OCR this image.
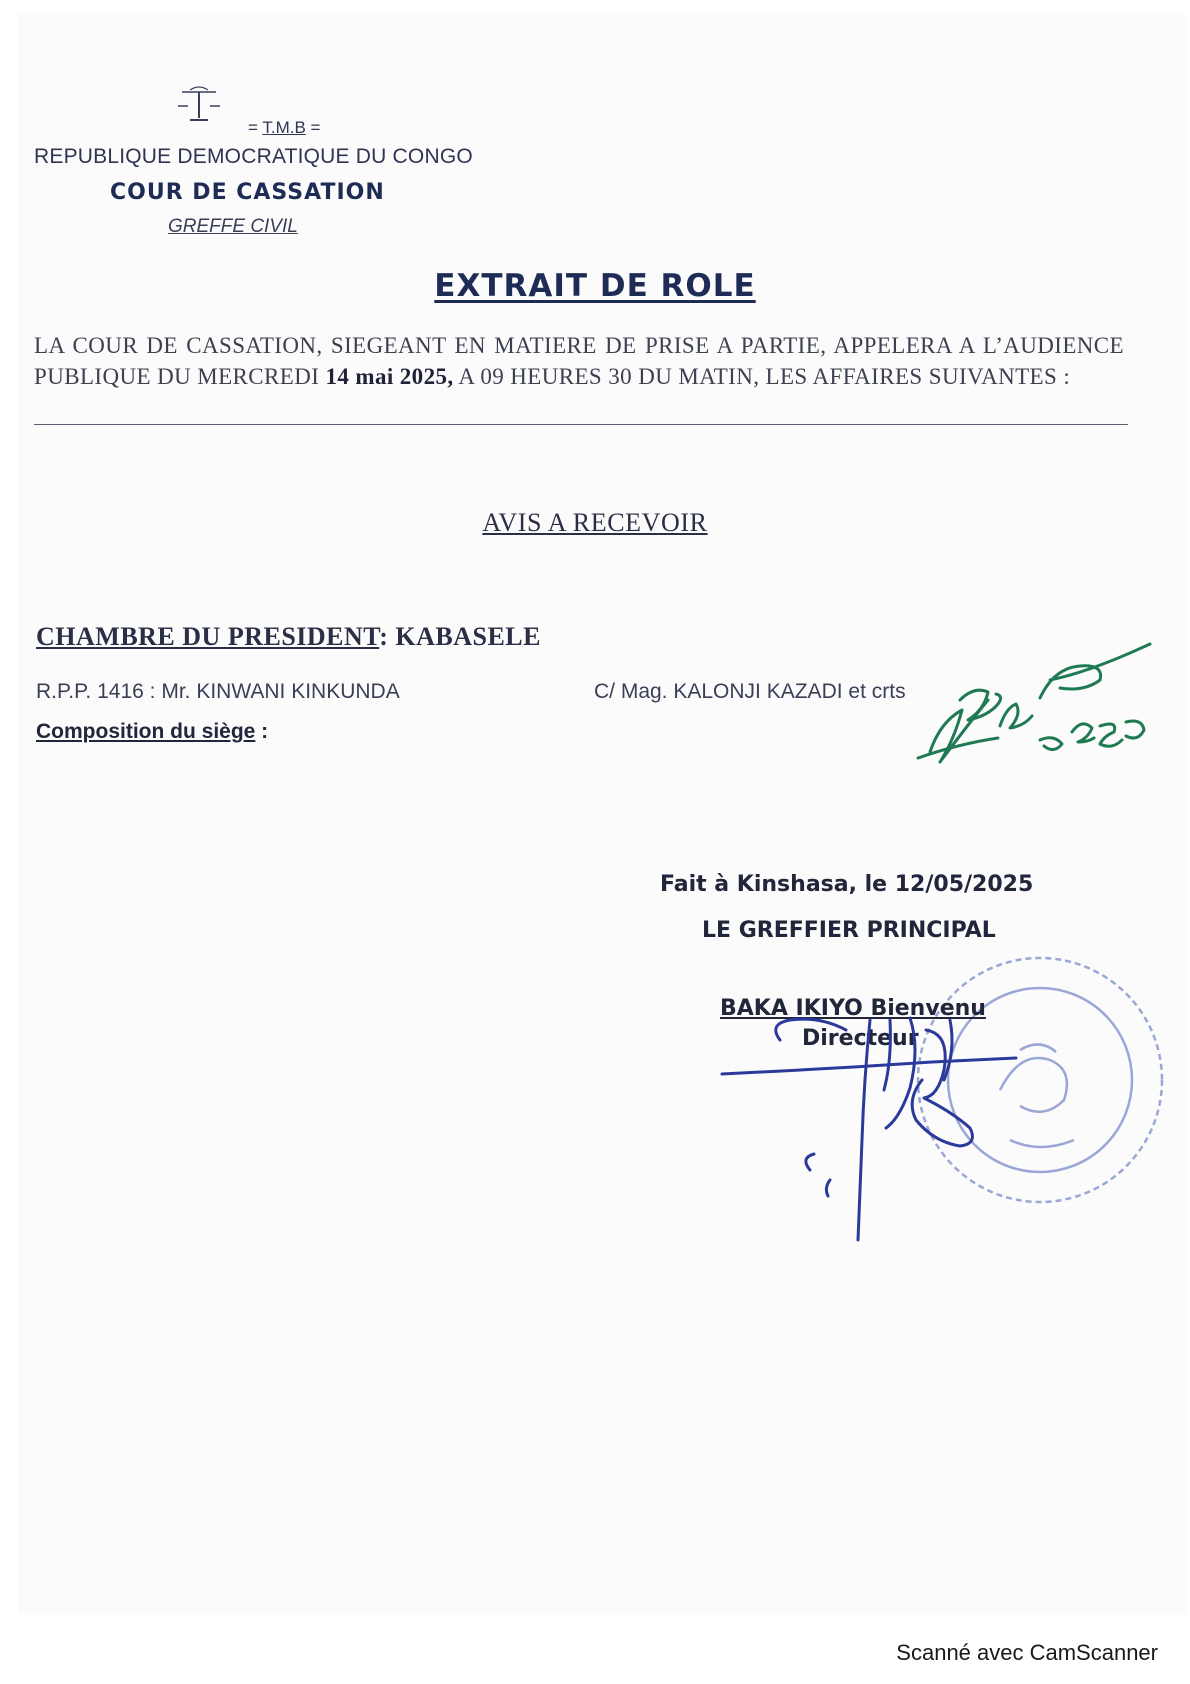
= T.M.B =
REPUBLIQUE DEMOCRATIQUE DU CONGO
COUR DE CASSATION
GREFFE CIVIL
EXTRAIT DE ROLE
LA COUR DE CASSATION, SIEGEANT EN MATIERE DE PRISE A PARTIE, APPELERA A L’AUDIENCE PUBLIQUE DU MERCREDI 14 mai 2025, A 09 HEURES 30 DU MATIN, LES AFFAIRES SUIVANTES :
AVIS A RECEVOIR
CHAMBRE DU PRESIDENT: KABASELE
R.P.P. 1416 : Mr. KINWANI KINKUNDA	C/ Mag. KALONJI KAZADI et crts
Composition du siège :
Fait à Kinshasa, le 12/05/2025
LE GREFFIER PRINCIPAL
BAKA IKIYO Bienvenu
Directeur
Scanné avec CamScanner
